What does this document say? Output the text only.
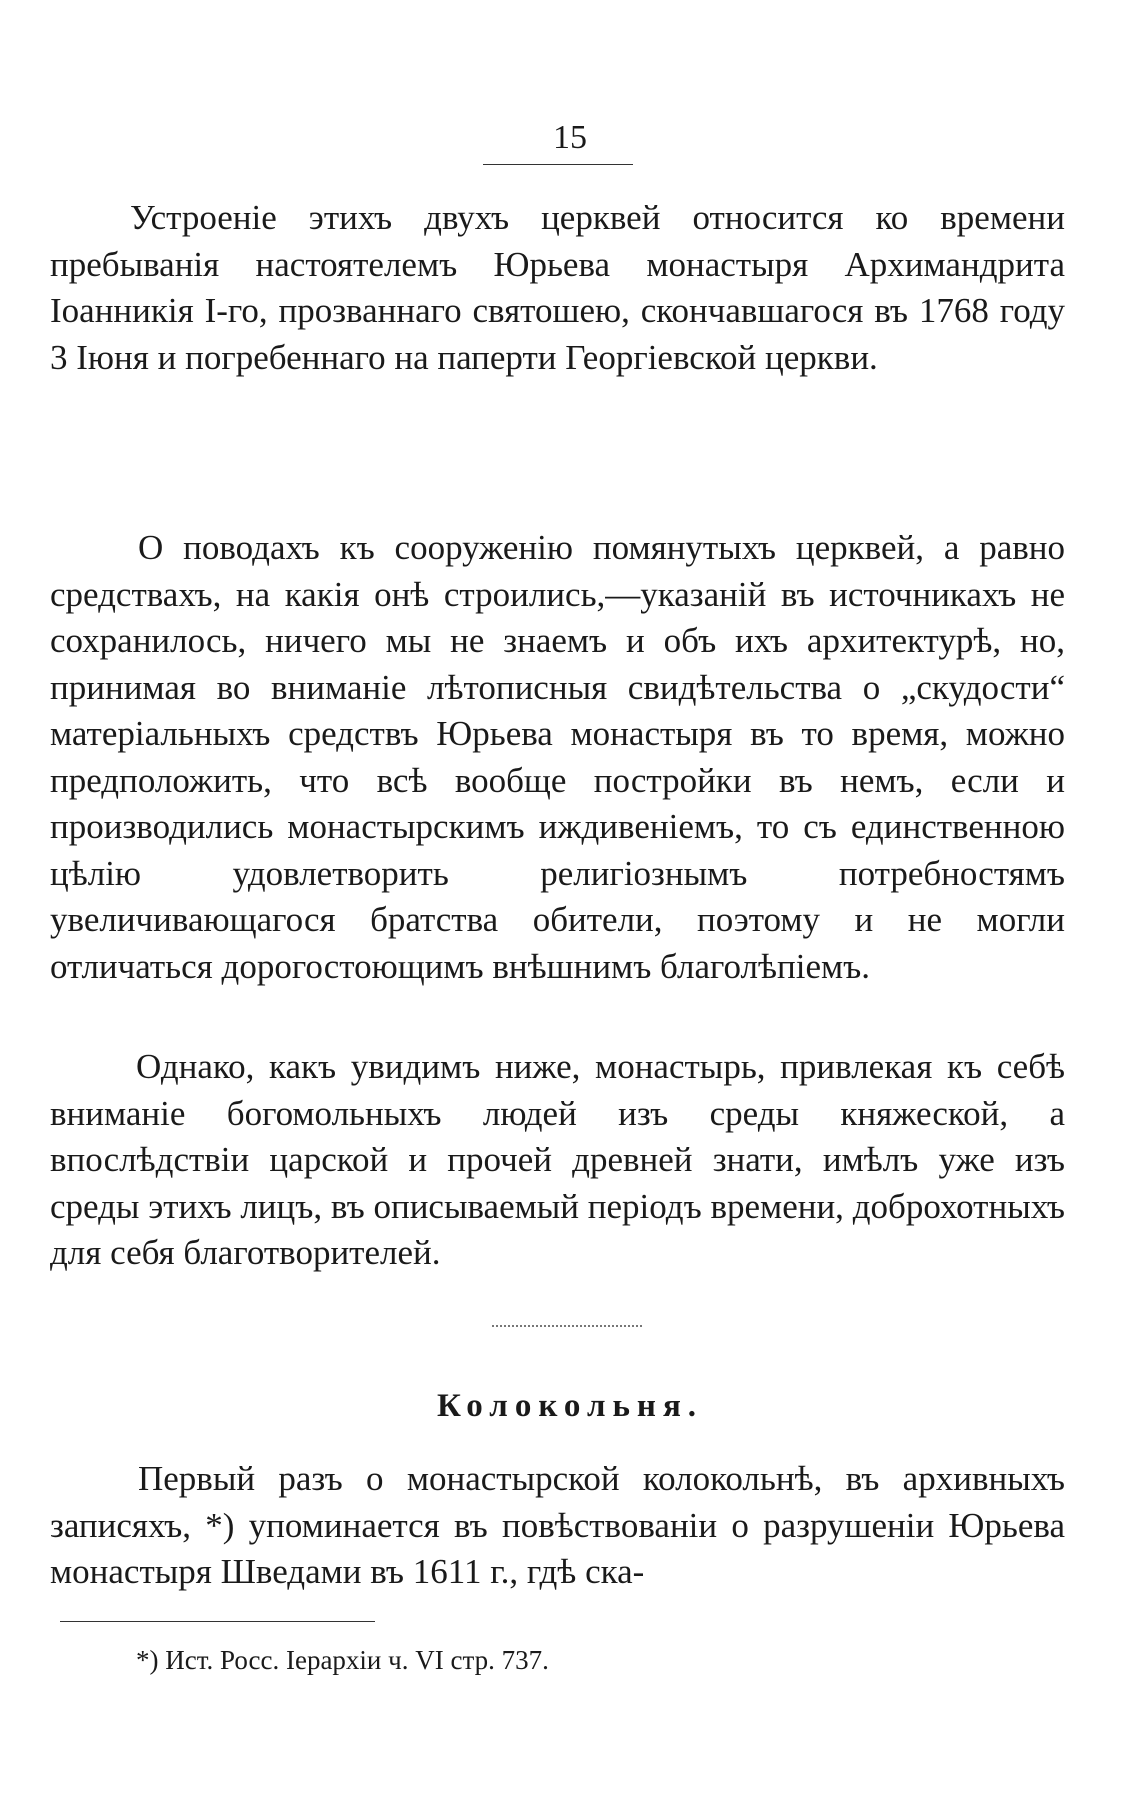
15

Устроеніе этихъ двухъ церквей относится ко времени пребыванія настоятелемъ Юрьева монастыря Архимандрита Іоанникія І-го, прозваннаго святошею, скончавшагося въ 1768 году 3 Іюня и погребеннаго на паперти Георгіевской церкви.

О поводахъ къ сооруженію помянутыхъ церквей, а равно средствахъ, на какія онѣ строились,—указаній въ источникахъ не сохранилось, ничего мы не знаемъ и объ ихъ архитектурѣ, но, принимая во вниманіе лѣтописныя свидѣтельства о „скудости“ матеріальныхъ средствъ Юрьева монастыря въ то время, можно предположить, что всѣ вообще постройки въ немъ, если и производились монастырскимъ иждивеніемъ, то съ единственною цѣлію удовлетворить религіознымъ потребностямъ увеличивающагося братства обители, поэтому и не могли отличаться дорогостоющимъ внѣшнимъ благолѣпіемъ.

Однако, какъ увидимъ ниже, монастырь, привлекая къ себѣ вниманіе богомольныхъ людей изъ среды княжеской, а впослѣдствіи царской и прочей древней знати, имѣлъ уже изъ среды этихъ лицъ, въ описываемый періодъ времени, доброхотныхъ для себя благотворителей.

Колокольня.

Первый разъ о монастырской колокольнѣ, въ архивныхъ записяхъ, *) упоминается въ повѣствованіи о разрушеніи Юрьева монастыря Шведами въ 1611 г., гдѣ ска-

*) Ист. Росс. Іерархіи ч. VI стр. 737.
